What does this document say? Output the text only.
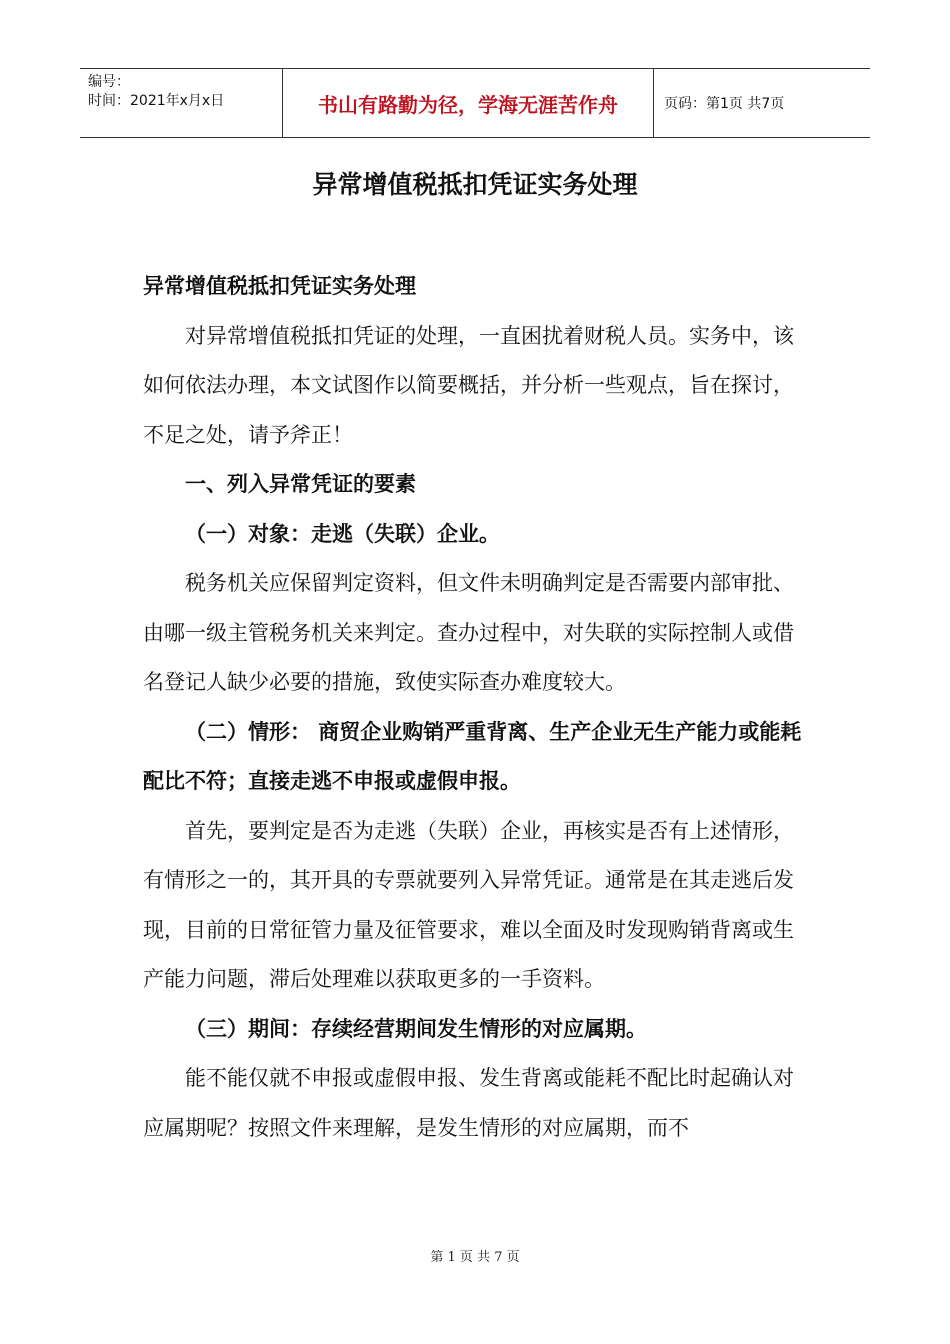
编号：
时间：2021年x月x日	书山有路勤为径，学海无涯苦作舟	页码：第1页 共7页
异常增值税抵扣凭证实务处理

异常增值税抵扣凭证实务处理

对异常增值税抵扣凭证的处理，一直困扰着财税人员。实务中，该如何依法办理，本文试图作以简要概括，并分析一些观点，旨在探讨，不足之处，请予斧正！

一、列入异常凭证的要素

（一）对象：走逃（失联）企业。

税务机关应保留判定资料，但文件未明确判定是否需要内部审批、由哪一级主管税务机关来判定。查办过程中，对失联的实际控制人或借名登记人缺少必要的措施，致使实际查办难度较大。

（二）情形： 商贸企业购销严重背离、生产企业无生产能力或能耗配比不符；直接走逃不申报或虚假申报。

首先，要判定是否为走逃（失联）企业，再核实是否有上述情形，有情形之一的，其开具的专票就要列入异常凭证。通常是在其走逃后发现，目前的日常征管力量及征管要求，难以全面及时发现购销背离或生产能力问题，滞后处理难以获取更多的一手资料。

（三）期间：存续经营期间发生情形的对应属期。

能不能仅就不申报或虚假申报、发生背离或能耗不配比时起确认对应属期呢？按照文件来理解，是发生情形的对应属期，而不

第 1 页 共 7 页
